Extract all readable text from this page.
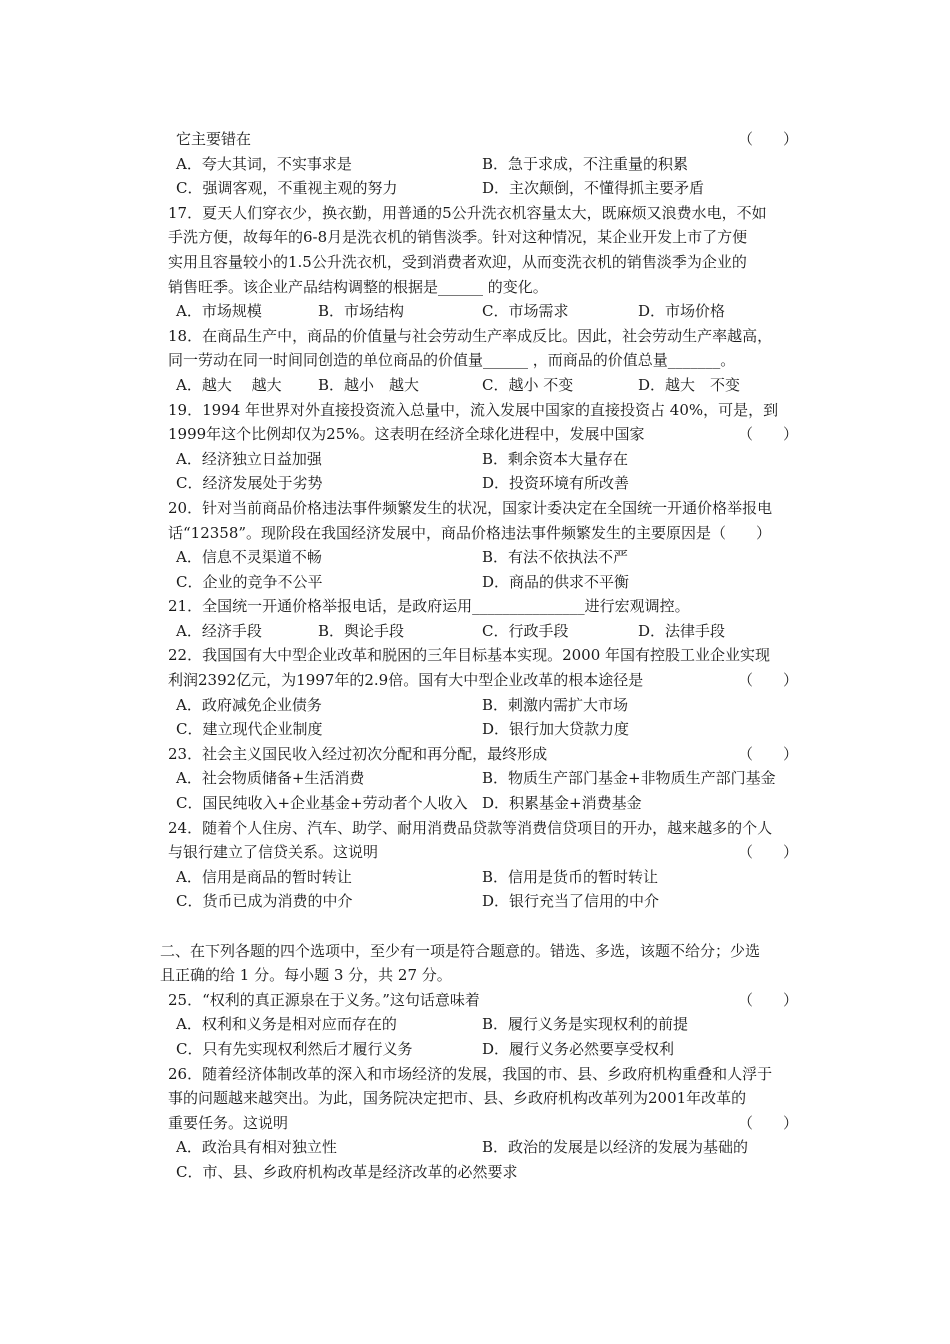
它主要错在	（　　）
A．夸大其词，不实事求是	B．急于求成，不注重量的积累
C．强调客观，不重视主观的努力	D．主次颠倒，不懂得抓主要矛盾
17．夏天人们穿衣少，换衣勤，用普通的5公升洗衣机容量太大，既麻烦又浪费水电，不如
手洗方便，故每年的6-8月是洗衣机的销售淡季。针对这种情况，某企业开发上市了方便
实用且容量较小的1.5公升洗衣机，受到消费者欢迎，从而变洗衣机的销售淡季为企业的
销售旺季。该企业产品结构调整的根据是______ 的变化。
A．市场规模	B．市场结构	C．市场需求	D．市场价格
18．在商品生产中，商品的价值量与社会劳动生产率成反比。因此，社会劳动生产率越高，
同一劳动在同一时间同创造的单位商品的价值量______ ，而商品的价值总量_______。
A．越大　 越大 B．越小　越大	C．越小 不变	D．越大　不变
19．1994 年世界对外直接投资流入总量中，流入发展中国家的直接投资占 40%，可是，到
1999年这个比例却仅为25%。这表明在经济全球化进程中，发展中国家	（　　）
A．经济独立日益加强	B．剩余资本大量存在
C．经济发展处于劣势	D．投资环境有所改善
20．针对当前商品价格违法事件频繁发生的状况，国家计委决定在全国统一开通价格举报电
话“12358”。现阶段在我国经济发展中，商品价格违法事件频繁发生的主要原因是（　　）
A．信息不灵渠道不畅	B．有法不依执法不严
C．企业的竞争不公平	D．商品的供求不平衡
21．全国统一开通价格举报电话，是政府运用_______________进行宏观调控。
A．经济手段	B．舆论手段	C．行政手段	D．法律手段
22．我国国有大中型企业改革和脱困的三年目标基本实现。2000 年国有控股工业企业实现
利润2392亿元，为1997年的2.9倍。国有大中型企业改革的根本途径是	（　　）
A．政府减免企业债务	B．刺激内需扩大市场
C．建立现代企业制度	D．银行加大贷款力度
23．社会主义国民收入经过初次分配和再分配，最终形成	（　　）
A．社会物质储备+生活消费	B．物质生产部门基金+非物质生产部门基金
C．国民纯收入+企业基金+劳动者个人收入 D．积累基金+消费基金
24．随着个人住房、汽车、助学、耐用消费品贷款等消费信贷项目的开办，越来越多的个人
与银行建立了信贷关系。这说明	（　　）
A．信用是商品的暂时转让	B．信用是货币的暂时转让
C．货币已成为消费的中介	D．银行充当了信用的中介
二、在下列各题的四个选项中，至少有一项是符合题意的。错选、多选，该题不给分；少选
且正确的给 1 分。每小题 3 分，共 27 分。
25．“权利的真正源泉在于义务。”这句话意味着	（　　）
A．权利和义务是相对应而存在的	B．履行义务是实现权利的前提
C．只有先实现权利然后才履行义务	D．履行义务必然要享受权利
26．随着经济体制改革的深入和市场经济的发展，我国的市、县、乡政府机构重叠和人浮于
事的问题越来越突出。为此，国务院决定把市、县、乡政府机构改革列为2001年改革的
重要任务。这说明	（　　）
A．政治具有相对独立性	B．政治的发展是以经济的发展为基础的
C．市、县、乡政府机构改革是经济改革的必然要求
